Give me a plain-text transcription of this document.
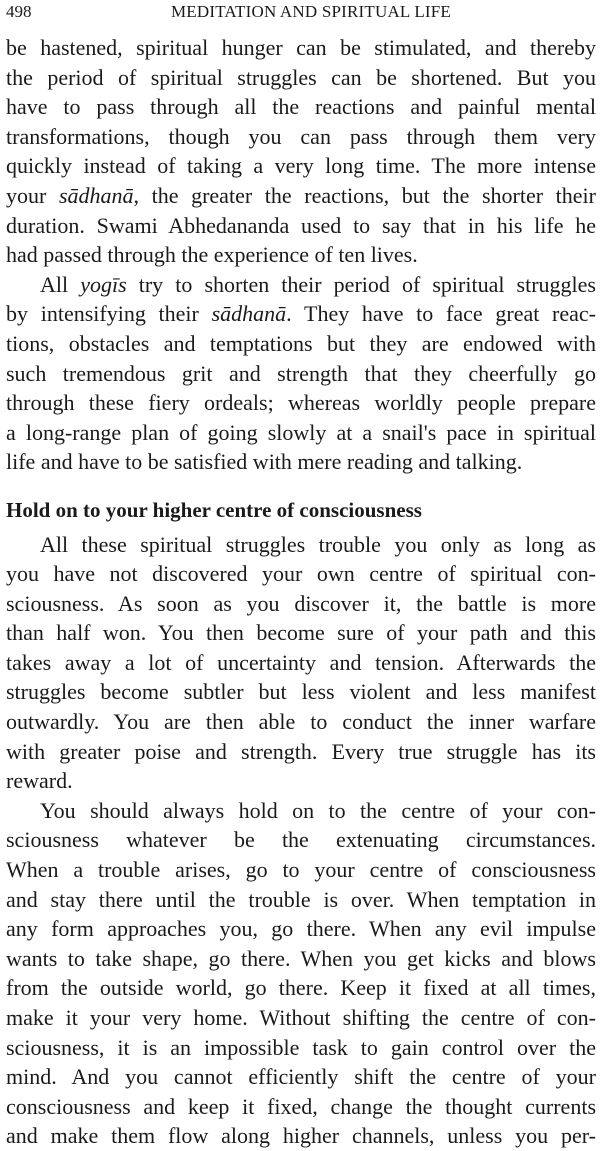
498	MEDITATION AND SPIRITUAL LIFE
be hastened, spiritual hunger can be stimulated, and thereby
the period of spiritual struggles can be shortened. But you
have to pass through all the reactions and painful mental
transformations, though you can pass through them very
quickly instead of taking a very long time. The more intense
your sādhanā, the greater the reactions, but the shorter their
duration. Swami Abhedananda used to say that in his life he
had passed through the experience of ten lives.
All yogīs try to shorten their period of spiritual struggles
by intensifying their sādhanā. They have to face great reac-
tions, obstacles and temptations but they are endowed with
such tremendous grit and strength that they cheerfully go
through these fiery ordeals; whereas worldly people prepare
a long-range plan of going slowly at a snail's pace in spiritual
life and have to be satisfied with mere reading and talking.
Hold on to your higher centre of consciousness
All these spiritual struggles trouble you only as long as
you have not discovered your own centre of spiritual con-
sciousness. As soon as you discover it, the battle is more
than half won. You then become sure of your path and this
takes away a lot of uncertainty and tension. Afterwards the
struggles become subtler but less violent and less manifest
outwardly. You are then able to conduct the inner warfare
with greater poise and strength. Every true struggle has its
reward.
You should always hold on to the centre of your con-
sciousness whatever be the extenuating circumstances.
When a trouble arises, go to your centre of consciousness
and stay there until the trouble is over. When temptation in
any form approaches you, go there. When any evil impulse
wants to take shape, go there. When you get kicks and blows
from the outside world, go there. Keep it fixed at all times,
make it your very home. Without shifting the centre of con-
sciousness, it is an impossible task to gain control over the
mind. And you cannot efficiently shift the centre of your
consciousness and keep it fixed, change the thought currents
and make them flow along higher channels, unless you per-
